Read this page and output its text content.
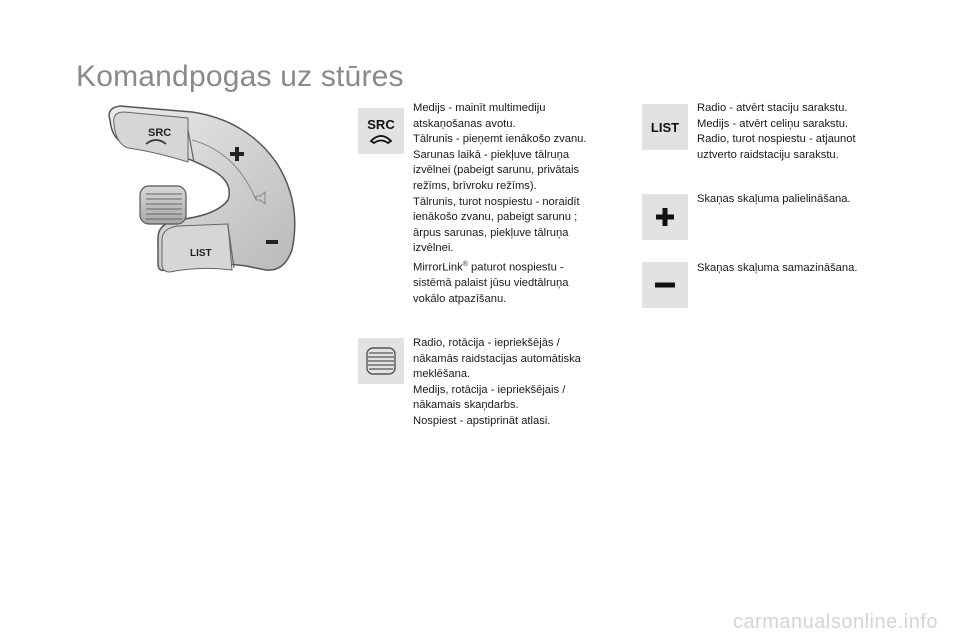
Komandpogas uz stūres
SRC
LIST
SRC

Medijs - mainīt multimediju

atskaņošanas avotu.

Tālrunis - pieņemt ienākošo zvanu.

Sarunas laikā - piekļuve tālruņa

izvēlnei (pabeigt sarunu, privātais

režīms, brīvroku režīms).

Tālrunis, turot nospiestu - noraidīt

ienākošo zvanu, pabeigt sarunu ;

ārpus sarunas, piekļuve tālruņa

izvēlnei.

MirrorLink® paturot nospiestu -

sistēmā palaist jūsu viedtālruņa

vokālo atpazīšanu.

Radio, rotācija - iepriekšējās /

nākamās raidstacijas automātiska

meklēšana.

Medijs, rotācija - iepriekšējais /

nākamais skaņdarbs.

Nospiest - apstiprināt atlasi.

LIST

Radio - atvērt staciju sarakstu.

Medijs - atvērt celiņu sarakstu.

Radio, turot nospiestu - atjaunot

uztverto raidstaciju sarakstu.

Skaņas skaļuma palielināšana.

Skaņas skaļuma samazināšana.

carmanualsonline.info
